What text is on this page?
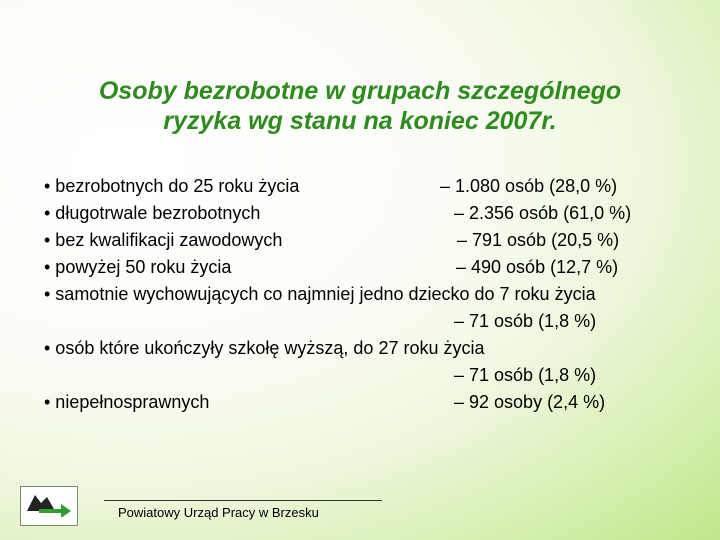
Osoby bezrobotne w grupach szczególnego
ryzyka wg stanu na koniec 2007r.
• bezrobotnych do 25 roku życia	– 1.080 osób (28,0 %)
• długotrwale bezrobotnych	– 2.356 osób (61,0 %)
• bez kwalifikacji zawodowych	– 791 osób (20,5 %)
• powyżej 50 roku życia	– 490 osób (12,7 %)
• samotnie wychowujących co najmniej jedno dziecko do 7 roku życia
– 71 osób (1,8 %)
• osób które ukończyły szkołę wyższą, do 27 roku życia
– 71 osób (1,8 %)
• niepełnosprawnych	– 92 osoby (2,4 %)
Powiatowy Urząd Pracy w Brzesku
